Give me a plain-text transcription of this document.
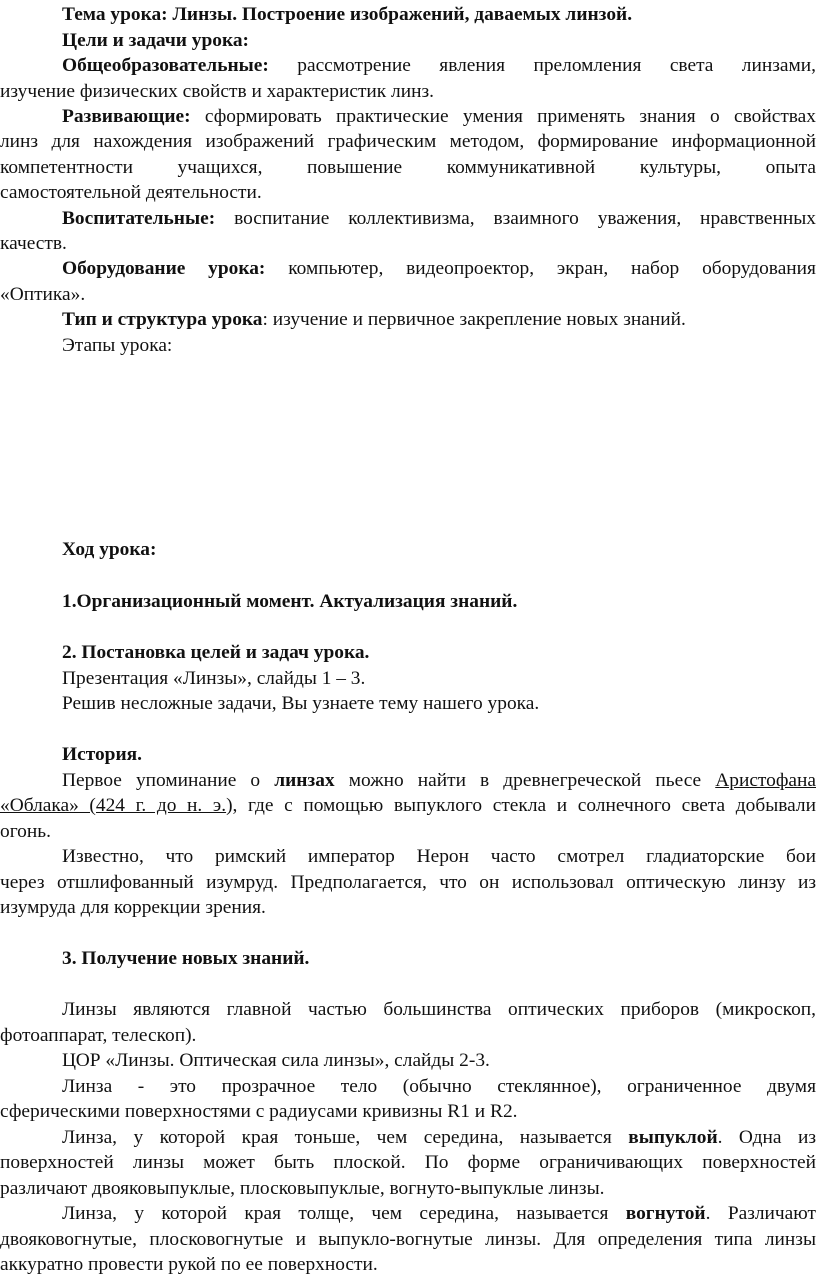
Тема урока: Линзы. Построение изображений, даваемых линзой.
Цели и задачи урока:
Общеобразовательные: рассмотрение явления преломления света линзами,
изучение физических свойств и характеристик линз.
Развивающие: сформировать практические умения применять знания о свойствах
линз для нахождения изображений графическим методом, формирование информационной
компетентности учащихся, повышение коммуникативной культуры, опыта
самостоятельной деятельности.
Воспитательные: воспитание коллективизма, взаимного уважения, нравственных
качеств.
Оборудование урока: компьютер, видеопроектор, экран, набор оборудования
«Оптика».
Тип и структура урока: изучение и первичное закрепление новых знаний.
Этапы урока:
Ход урока:
1.Организационный момент. Актуализация знаний.
2. Постановка целей и задач урока.
Презентация «Линзы», слайды 1 – 3.
Решив несложные задачи, Вы узнаете тему нашего урока.
История.
Первое упоминание о линзах можно найти в древнегреческой пьесе Аристофана
«Облака» (424 г. до н. э.), где с помощью выпуклого стекла и солнечного света добывали
огонь.
Известно, что римский император Нерон часто смотрел гладиаторские бои
через отшлифованный изумруд. Предполагается, что он использовал оптическую линзу из
изумруда для коррекции зрения.
3. Получение новых знаний.
Линзы являются главной частью большинства оптических приборов (микроскоп,
фотоаппарат, телескоп).
ЦОР «Линзы. Оптическая сила линзы», слайды 2-3.
Линза - это прозрачное тело (обычно стеклянное), ограниченное двумя
сферическими поверхностями с радиусами кривизны R1 и R2.
Линза, у которой края тоньше, чем середина, называется выпуклой. Одна из
поверхностей линзы может быть плоской. По форме ограничивающих поверхностей
различают двояковыпуклые, плосковыпуклые, вогнуто-выпуклые линзы.
Линза, у которой края толще, чем середина, называется вогнутой. Различают
двояковогнутые, плосковогнутые и выпукло-вогнутые линзы. Для определения типа линзы
аккуратно провести рукой по ее поверхности.
